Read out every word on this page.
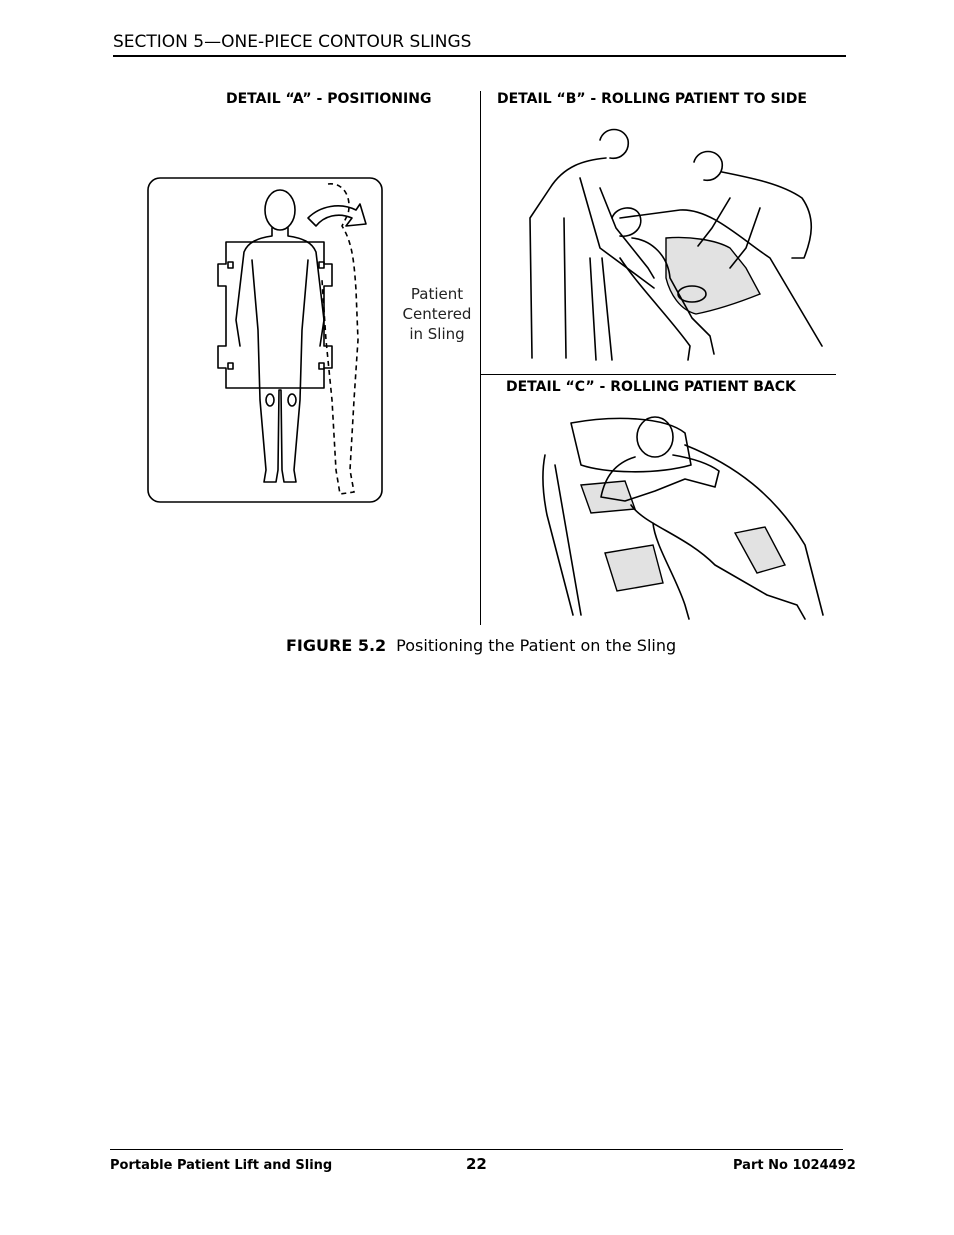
SECTION 5—ONE-PIECE CONTOUR SLINGS
DETAIL “A” - POSITIONING	DETAIL “B” - ROLLING PATIENT TO SIDE
DETAIL “C” - ROLLING PATIENT BACK
Patient
Centered
in Sling
FIGURE 5.2 Positioning the Patient on the Sling
Portable Patient Lift and Sling	22	Part No 1024492
